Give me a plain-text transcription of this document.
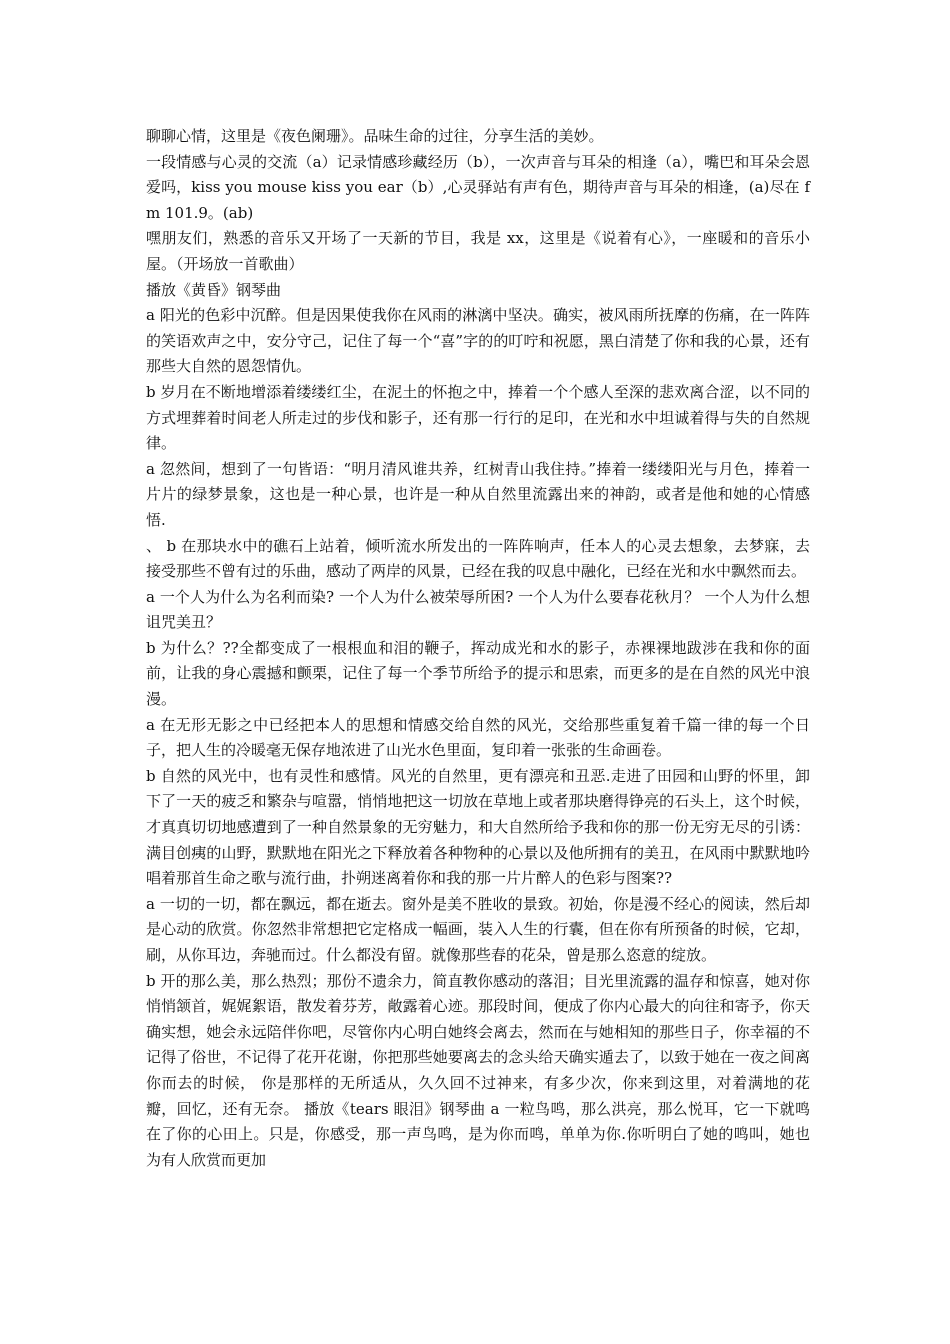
聊聊心情，这里是《夜色阑珊》。品味生命的过往，分享生活的美妙。

一段情感与心灵的交流（a）记录情感珍藏经历（b），一次声音与耳朵的相逢（a），嘴巴和耳朵会恩爱吗，kiss you mouse kiss you ear（b）,心灵驿站有声有色，期待声音与耳朵的相逢，(a)尽在 fm 101.9。(ab)

嘿朋友们，熟悉的音乐又开场了一天新的节目，我是 xx，这里是《说着有心》，一座暖和的音乐小屋。（开场放一首歌曲）

播放《黄昏》钢琴曲

a 阳光的色彩中沉醉。但是因果使我你在风雨的淋漓中坚决。确实，被风雨所抚摩的伤痛，在一阵阵的笑语欢声之中，安分守己，记住了每一个“喜”字的的叮咛和祝愿，黑白清楚了你和我的心景，还有那些大自然的恩怨情仇。

b 岁月在不断地增添着缕缕红尘，在泥土的怀抱之中，捧着一个个感人至深的悲欢离合涩，以不同的方式埋葬着时间老人所走过的步伐和影子，还有那一行行的足印，在光和水中坦诚着得与失的自然规律。

a 忽然间，想到了一句皆语：“明月清风谁共养，红树青山我住持。”捧着一缕缕阳光与月色，捧着一片片的绿梦景象，这也是一种心景，也许是一种从自然里流露出来的神韵，或者是他和她的心情感悟.

、 b 在那块水中的礁石上站着，倾听流水所发出的一阵阵响声，任本人的心灵去想象，去梦寐，去接受那些不曾有过的乐曲，感动了两岸的风景，已经在我的叹息中融化，已经在光和水中飘然而去。

a 一个人为什么为名利而染? 一个人为什么被荣辱所困? 一个人为什么要春花秋月？ 一个人为什么想诅咒美丑？

b 为什么？??全都变成了一根根血和泪的鞭子，挥动成光和水的影子，赤裸裸地跋涉在我和你的面前，让我的身心震撼和颤栗，记住了每一个季节所给予的提示和思索，而更多的是在自然的风光中浪漫。

a 在无形无影之中已经把本人的思想和情感交给自然的风光，交给那些重复着千篇一律的每一个日子，把人生的冷暖毫无保存地浓进了山光水色里面，复印着一张张的生命画卷。

b 自然的风光中，也有灵性和感情。风光的自然里，更有漂亮和丑恶.走进了田园和山野的怀里，卸下了一天的疲乏和繁杂与喧嚣，悄悄地把这一切放在草地上或者那块磨得铮亮的石头上，这个时候，才真真切切地感遭到了一种自然景象的无穷魅力，和大自然所给予我和你的那一份无穷无尽的引诱：满目创痍的山野，默默地在阳光之下释放着各种物种的心景以及他所拥有的美丑，在风雨中默默地吟唱着那首生命之歌与流行曲，扑朔迷离着你和我的那一片片醉人的色彩与图案??

a 一切的一切，都在飘远，都在逝去。窗外是美不胜收的景致。初始，你是漫不经心的阅读，然后却是心动的欣赏。你忽然非常想把它定格成一幅画，装入人生的行囊，但在你有所预备的时候，它却，刷，从你耳边，奔驰而过。什么都没有留。就像那些春的花朵，曾是那么恣意的绽放。

b 开的那么美，那么热烈；那份不遗余力，简直教你感动的落泪；目光里流露的温存和惊喜，她对你悄悄颔首，娓娓絮语，散发着芬芳，敞露着心迹。那段时间，便成了你内心最大的向往和寄予，你天确实想，她会永远陪伴你吧，尽管你内心明白她终会离去，然而在与她相知的那些日子，你幸福的不记得了俗世，不记得了花开花谢，你把那些她要离去的念头给天确实遁去了，以致于她在一夜之间离你而去的时候， 你是那样的无所适从，久久回不过神来，有多少次，你来到这里，对着满地的花瓣，回忆，还有无奈。 播放《tears 眼泪》钢琴曲 a 一粒鸟鸣，那么洪亮，那么悦耳，它一下就鸣在了你的心田上。只是，你感受，那一声鸟鸣，是为你而鸣，单单为你.你听明白了她的鸣叫，她也为有人欣赏而更加
